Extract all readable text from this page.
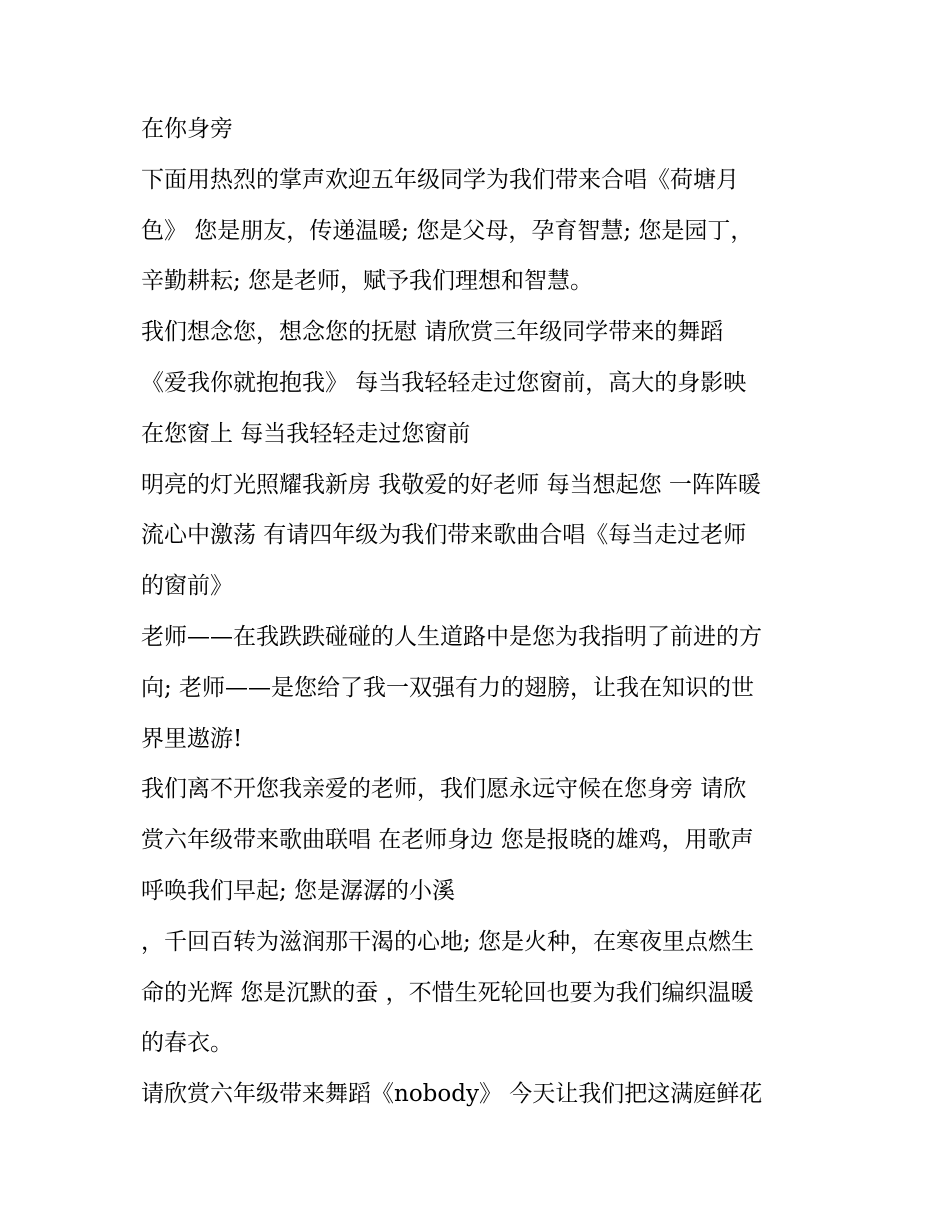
在你身旁
下面用热烈的掌声欢迎五年级同学为我们带来合唱《荷塘月
色》 您是朋友，传递温暖; 您是父母，孕育智慧; 您是园丁，
辛勤耕耘; 您是老师，赋予我们理想和智慧。
我们想念您，想念您的抚慰 请欣赏三年级同学带来的舞蹈
《爱我你就抱抱我》 每当我轻轻走过您窗前，高大的身影映
在您窗上 每当我轻轻走过您窗前
明亮的灯光照耀我新房 我敬爱的好老师 每当想起您 一阵阵暖
流心中激荡 有请四年级为我们带来歌曲合唱《每当走过老师
的窗前》
老师——在我跌跌碰碰的人生道路中是您为我指明了前进的方
向; 老师——是您给了我一双强有力的翅膀，让我在知识的世
界里遨游!
我们离不开您我亲爱的老师，我们愿永远守候在您身旁 请欣
赏六年级带来歌曲联唱 在老师身边 您是报晓的雄鸡，用歌声
呼唤我们早起; 您是潺潺的小溪
，千回百转为滋润那干渴的心地; 您是火种，在寒夜里点燃生
命的光辉 您是沉默的蚕 ，不惜生死轮回也要为我们编织温暖
的春衣。
请欣赏六年级带来舞蹈《nobody》 今天让我们把这满庭鲜花
